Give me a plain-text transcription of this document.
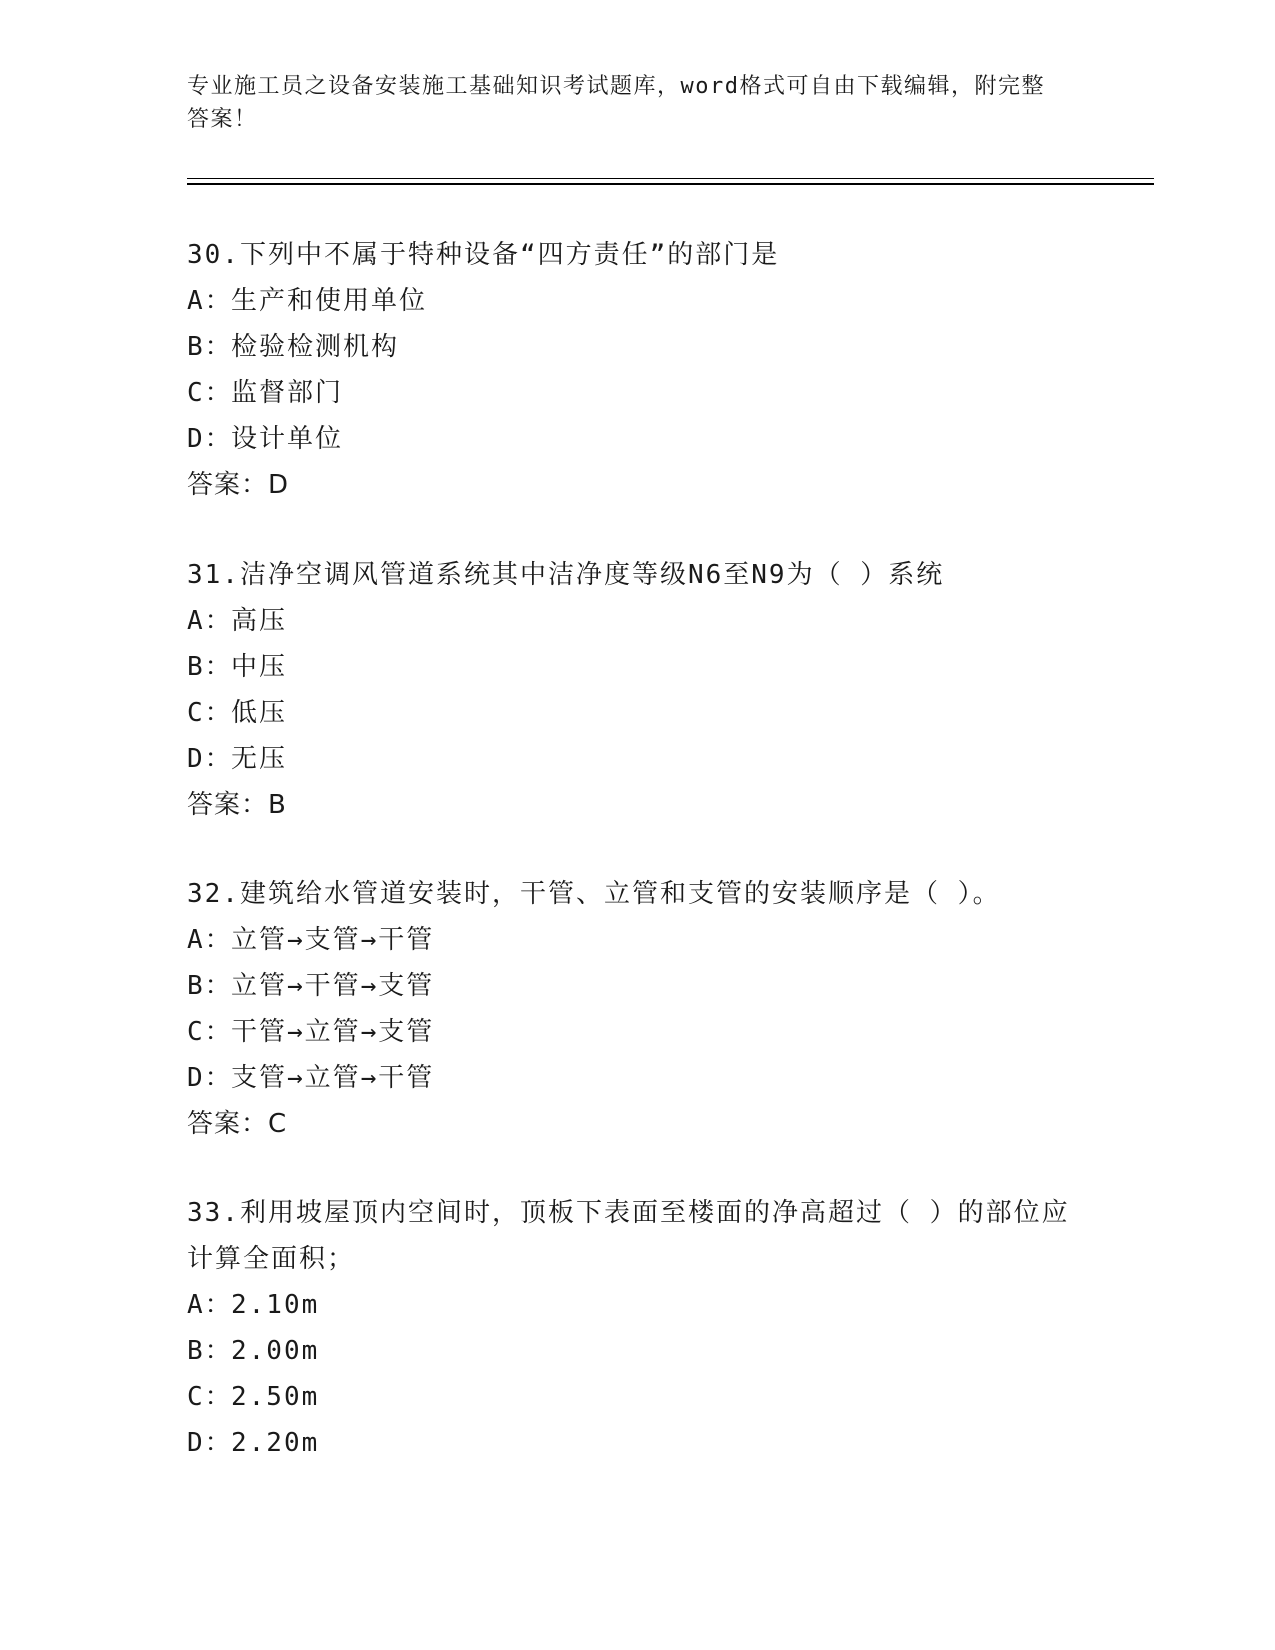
专业施工员之设备安装施工基础知识考试题库，word格式可自由下载编辑，附完整答案！

30.下列中不属于特种设备“四方责任”的部门是

A：
生产和使用单位
B：
检验检测机构
C：
监督部门
D：
设计单位
答案：D

31.洁净空调风管道系统其中洁净度等级N6至N9为（ ）系统

A：
高压
B：
中压
C：
低压
D：
无压
答案：B

32.建筑给水管道安装时，干管、立管和支管的安装顺序是（ ）。

A：
立管→支管→干管
B：
立管→干管→支管
C：
干管→立管→支管
D：
支管→立管→干管
答案：C

33.利用坡屋顶内空间时，顶板下表面至楼面的净高超过（ ）的部位应计算全面积；

A：
2.10m
B：
2.00m
C：
2.50m
D：
2.20m
